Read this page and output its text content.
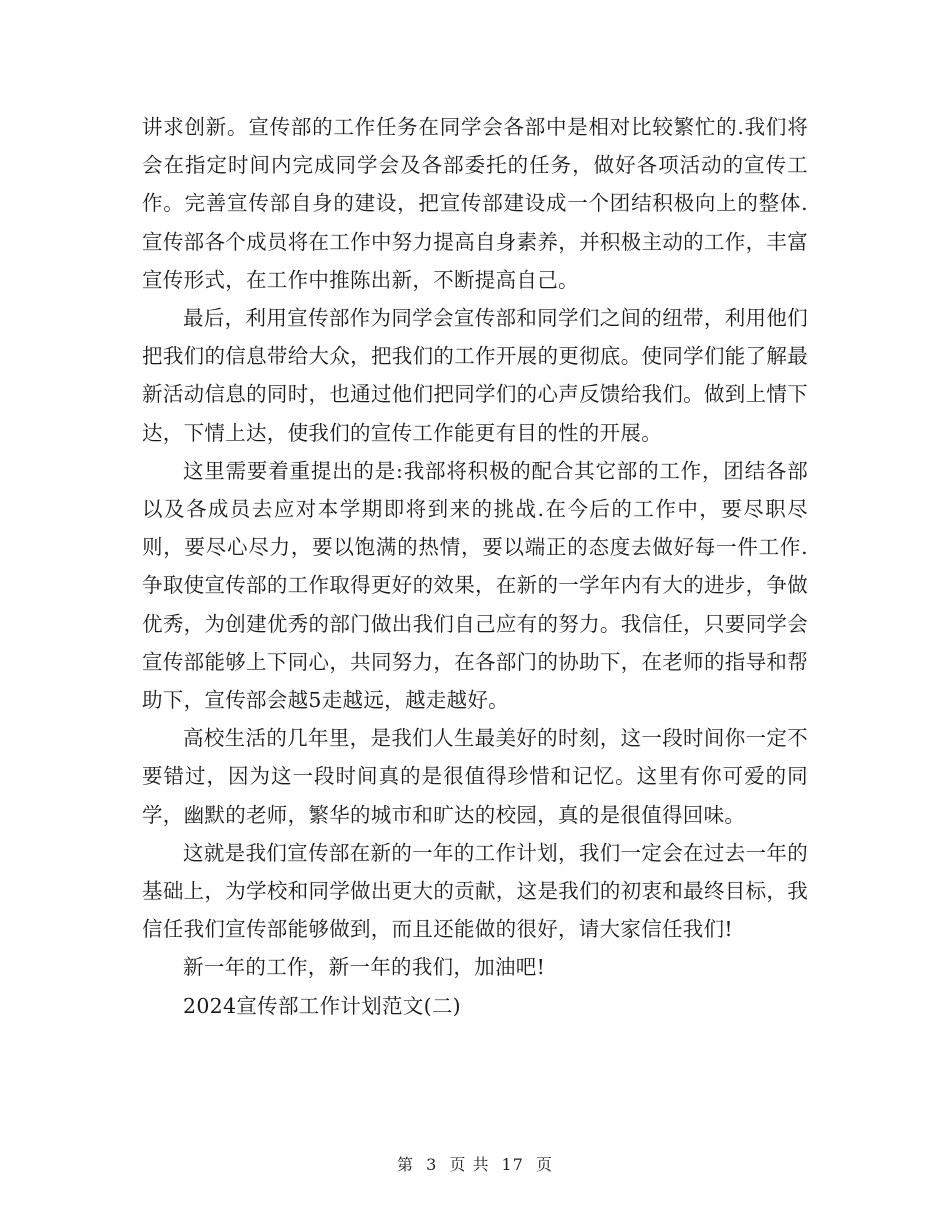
讲求创新。宣传部的工作任务在同学会各部中是相对比较繁忙的.我们将会在指定时间内完成同学会及各部委托的任务，做好各项活动的宣传工作。完善宣传部自身的建设，把宣传部建设成一个团结积极向上的整体.宣传部各个成员将在工作中努力提高自身素养，并积极主动的工作，丰富宣传形式，在工作中推陈出新，不断提高自己。

最后，利用宣传部作为同学会宣传部和同学们之间的纽带，利用他们把我们的信息带给大众，把我们的工作开展的更彻底。使同学们能了解最新活动信息的同时，也通过他们把同学们的心声反馈给我们。做到上情下达，下情上达，使我们的宣传工作能更有目的性的开展。

这里需要着重提出的是:我部将积极的配合其它部的工作，团结各部以及各成员去应对本学期即将到来的挑战.在今后的工作中，要尽职尽则，要尽心尽力，要以饱满的热情，要以端正的态度去做好每一件工作.争取使宣传部的工作取得更好的效果，在新的一学年内有大的进步，争做优秀，为创建优秀的部门做出我们自己应有的努力。我信任，只要同学会宣传部能够上下同心，共同努力，在各部门的协助下，在老师的指导和帮助下，宣传部会越5走越远，越走越好。

高校生活的几年里，是我们人生最美好的时刻，这一段时间你一定不要错过，因为这一段时间真的是很值得珍惜和记忆。这里有你可爱的同学，幽默的老师，繁华的城市和旷达的校园，真的是很值得回味。

这就是我们宣传部在新的一年的工作计划，我们一定会在过去一年的基础上，为学校和同学做出更大的贡献，这是我们的初衷和最终目标，我信任我们宣传部能够做到，而且还能做的很好，请大家信任我们!

新一年的工作，新一年的我们，加油吧!

2024宣传部工作计划范文(二)

第 3 页 共 17 页
